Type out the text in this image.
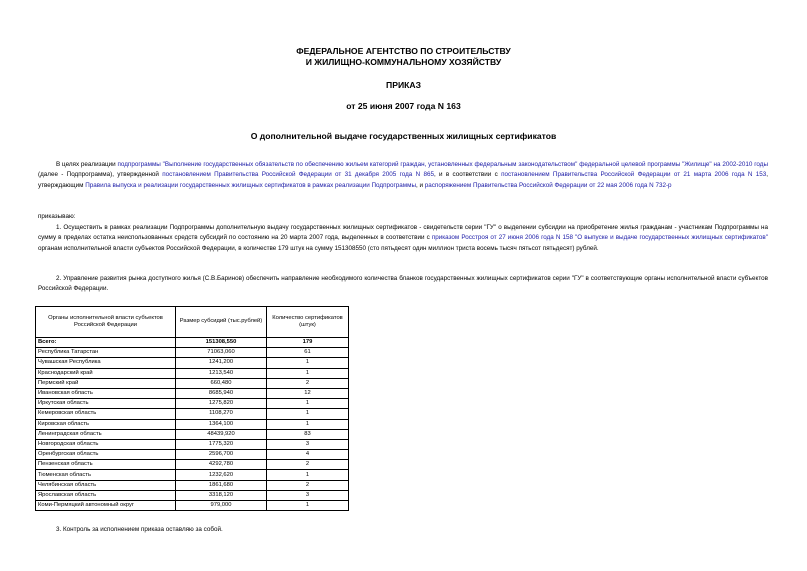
ФЕДЕРАЛЬНОЕ АГЕНТСТВО ПО СТРОИТЕЛЬСТВУ
И ЖИЛИЩНО-КОММУНАЛЬНОМУ ХОЗЯЙСТВУ
ПРИКАЗ
от 25 июня 2007 года N 163
О дополнительной выдаче государственных жилищных сертификатов
В целях реализации подпрограммы "Выполнение государственных обязательств по обеспечению жильем категорий граждан, установленных федеральным законодательством" федеральной целевой программы "Жилище" на 2002-2010 годы (далее - Подпрограмма), утвержденной постановлением Правительства Российской Федерации от 31 декабря 2005 года N 865, и в соответствии с постановлением Правительства Российской Федерации от 21 марта 2006 года N 153, утверждающим Правила выпуска и реализации государственных жилищных сертификатов в рамках реализации Подпрограммы, и распоряжением Правительства Российской Федерации от 22 мая 2006 года N 732-р
приказываю:
1. Осуществить в рамках реализации Подпрограммы дополнительную выдачу государственных жилищных сертификатов - свидетельств серии "ГУ" о выделении субсидии на приобретение жилья гражданам - участникам Подпрограммы на сумму в пределах остатка неиспользованных средств субсидий по состоянию на 20 марта 2007 года, выделенных в соответствии с приказом Росстроя от 27 июня 2006 года N 158 "О выпуске и выдаче государственных жилищных сертификатов" органам исполнительной власти субъектов Российской Федерации, в количестве 179 штук на сумму 151308550 (сто пятьдесят один миллион триста восемь тысяч пятьсот пятьдесят) рублей.
2. Управление развития рынка доступного жилья (С.В.Баринов) обеспечить направление необходимого количества бланков государственных жилищных сертификатов серии "ГУ" в соответствующие органы исполнительной власти субъектов Российской Федерации.
Органы исполнительной власти субъектов Российской Федерации	Размер субсидий (тыс.рублей)	Количество сертификатов (штук)
Всего:	151308,550	179
Республика Татарстан	71063,060	61
Чувашская Республика	1241,200	1
Краснодарский край	1213,540	1
Пермский край	660,480	2
Ивановская область	8685,940	12
Иркутская область	1275,820	1
Кемеровская область	1108,270	1
Кировская область	1364,100	1
Ленинградская область	48439,920	83
Новгородская область	1775,320	3
Оренбургская область	2596,700	4
Пензенская область	4292,780	2
Тюменская область	1232,620	1
Челябинская область	1861,680	2
Ярославская область	3318,120	3
Коми-Пермяцкий автономный округ	979,000	1
3. Контроль за исполнением приказа оставляю за собой.
